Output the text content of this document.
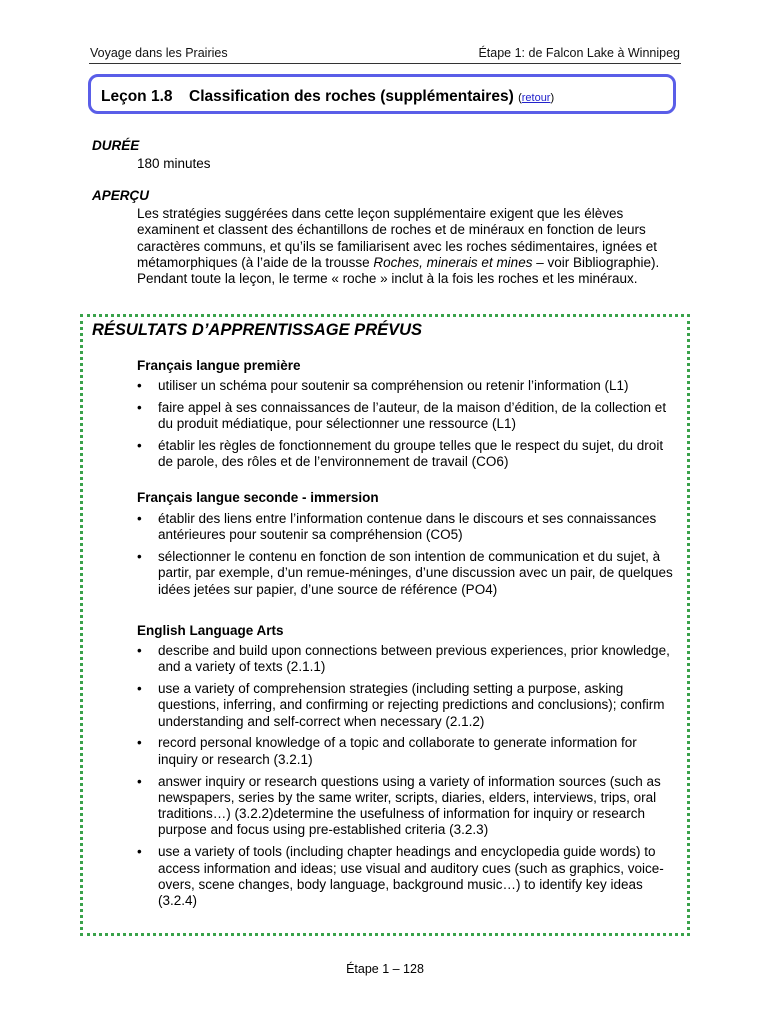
Voyage dans les Prairies	Étape 1: de Falcon Lake à Winnipeg
Leçon 1.8 Classification des roches (supplémentaires) (retour)
DURÉE
180 minutes
APERÇU
Les stratégies suggérées dans cette leçon supplémentaire exigent que les élèves examinent et classent des échantillons de roches et de minéraux en fonction de leurs caractères communs, et qu’ils se familiarisent avec les roches sédimentaires, ignées et métamorphiques (à l’aide de la trousse Roches, minerais et mines – voir Bibliographie). Pendant toute la leçon, le terme « roche » inclut à la fois les roches et les minéraux.
RÉSULTATS D’APPRENTISSAGE PRÉVUS
Français langue première
• utiliser un schéma pour soutenir sa compréhension ou retenir l’information (L1)
• faire appel à ses connaissances de l’auteur, de la maison d’édition, de la collection et du produit médiatique, pour sélectionner une ressource (L1)
• établir les règles de fonctionnement du groupe telles que le respect du sujet, du droit de parole, des rôles et de l’environnement de travail (CO6)
Français langue seconde - immersion
• établir des liens entre l’information contenue dans le discours et ses connaissances antérieures pour soutenir sa compréhension (CO5)
• sélectionner le contenu en fonction de son intention de communication et du sujet, à partir, par exemple, d’un remue-méninges, d’une discussion avec un pair, de quelques idées jetées sur papier, d’une source de référence (PO4)
English Language Arts
• describe and build upon connections between previous experiences, prior knowledge, and a variety of texts (2.1.1)
• use a variety of comprehension strategies (including setting a purpose, asking questions, inferring, and confirming or rejecting predictions and conclusions); confirm understanding and self-correct when necessary (2.1.2)
• record personal knowledge of a topic and collaborate to generate information for inquiry or research (3.2.1)
• answer inquiry or research questions using a variety of information sources (such as newspapers, series by the same writer, scripts, diaries, elders, interviews, trips, oral traditions…) (3.2.2)determine the usefulness of information for inquiry or research purpose and focus using pre-established criteria (3.2.3)
• use a variety of tools (including chapter headings and encyclopedia guide words) to access information and ideas; use visual and auditory cues (such as graphics, voice-overs, scene changes, body language, background music…) to identify key ideas (3.2.4)
Étape 1 – 128
